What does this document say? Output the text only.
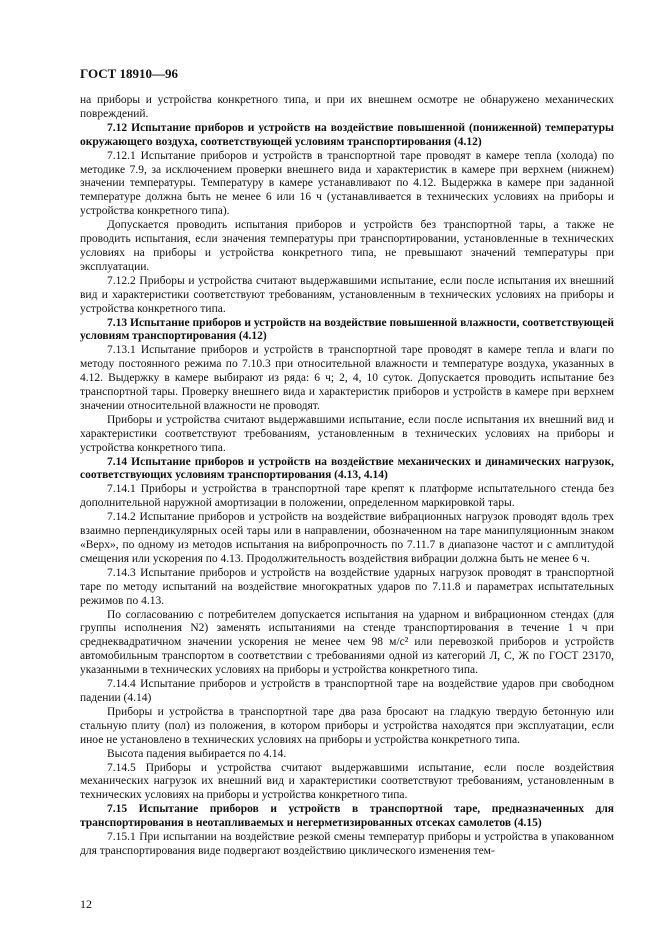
ГОСТ 18910—96

на приборы и устройства конкретного типа, и при их внешнем осмотре не обнаружено механических повреждений.

7.12 Испытание приборов и устройств на воздействие повышенной (пониженной) температуры окружающего воздуха, соответствующей условиям транспортирования (4.12)

7.12.1 Испытание приборов и устройств в транспортной таре проводят в камере тепла (холода) по методике 7.9, за исключением проверки внешнего вида и характеристик в камере при верхнем (нижнем) значении температуры. Температуру в камере устанавливают по 4.12. Выдержка в камере при заданной температуре должна быть не менее 6 или 16 ч (устанавливается в технических условиях на приборы и устройства конкретного типа).

Допускается проводить испытания приборов и устройств без транспортной тары, а также не проводить испытания, если значения температуры при транспортировании, установленные в технических условиях на приборы и устройства конкретного типа, не превышают значений температуры при эксплуатации.

7.12.2 Приборы и устройства считают выдержавшими испытание, если после испытания их внешний вид и характеристики соответствуют требованиям, установленным в технических условиях на приборы и устройства конкретного типа.

7.13 Испытание приборов и устройств на воздействие повышенной влажности, соответствующей условиям транспортирования (4.12)

7.13.1 Испытание приборов и устройств в транспортной таре проводят в камере тепла и влаги по методу постоянного режима по 7.10.3 при относительной влажности и температуре воздуха, указанных в 4.12. Выдержку в камере выбирают из ряда: 6 ч; 2, 4, 10 суток. Допускается проводить испытание без транспортной тары. Проверку внешнего вида и характеристик приборов и устройств в камере при верхнем значении относительной влажности не проводят.

Приборы и устройства считают выдержавшими испытание, если после испытания их внешний вид и характеристики соответствуют требованиям, установленным в технических условиях на приборы и устройства конкретного типа.

7.14 Испытание приборов и устройств на воздействие механических и динамических нагрузок, соответствующих условиям транспортирования (4.13, 4.14)

7.14.1 Приборы и устройства в транспортной таре крепят к платформе испытательного стенда без дополнительной наружной амортизации в положении, определенном маркировкой тары.

7.14.2 Испытание приборов и устройств на воздействие вибрационных нагрузок проводят вдоль трех взаимно перпендикулярных осей тары или в направлении, обозначенном на таре манипуляционным знаком «Верх», по одному из методов испытания на вибропрочность по 7.11.7 в диапазоне частот и с амплитудой смещения или ускорения по 4.13. Продолжительность воздействия вибрации должна быть не менее 6 ч.

7.14.3 Испытание приборов и устройств на воздействие ударных нагрузок проводят в транспортной таре по методу испытаний на воздействие многократных ударов по 7.11.8 и параметрах испытательных режимов по 4.13.

По согласованию с потребителем допускается испытания на ударном и вибрационном стендах (для группы исполнения N2) заменять испытаниями на стенде транспортирования в течение 1 ч при среднеквадратичном значении ускорения не менее чем 98 м/с² или перевозкой приборов и устройств автомобильным транспортом в соответствии с требованиями одной из категорий Л, С, Ж по ГОСТ 23170, указанными в технических условиях на приборы и устройства конкретного типа.

7.14.4 Испытание приборов и устройств в транспортной таре на воздействие ударов при свободном падении (4.14)

Приборы и устройства в транспортной таре два раза бросают на гладкую твердую бетонную или стальную плиту (пол) из положения, в котором приборы и устройства находятся при эксплуатации, если иное не установлено в технических условиях на приборы и устройства конкретного типа.

Высота падения выбирается по 4.14.

7.14.5 Приборы и устройства считают выдержавшими испытание, если после воздействия механических нагрузок их внешний вид и характеристики соответствуют требованиям, установленным в технических условиях на приборы и устройства конкретного типа.

7.15 Испытание приборов и устройств в транспортной таре, предназначенных для транспортирования в неотапливаемых и негерметизированных отсеках самолетов (4.15)

7.15.1 При испытании на воздействие резкой смены температур приборы и устройства в упакованном для транспортирования виде подвергают воздействию циклического изменения тем-

12
